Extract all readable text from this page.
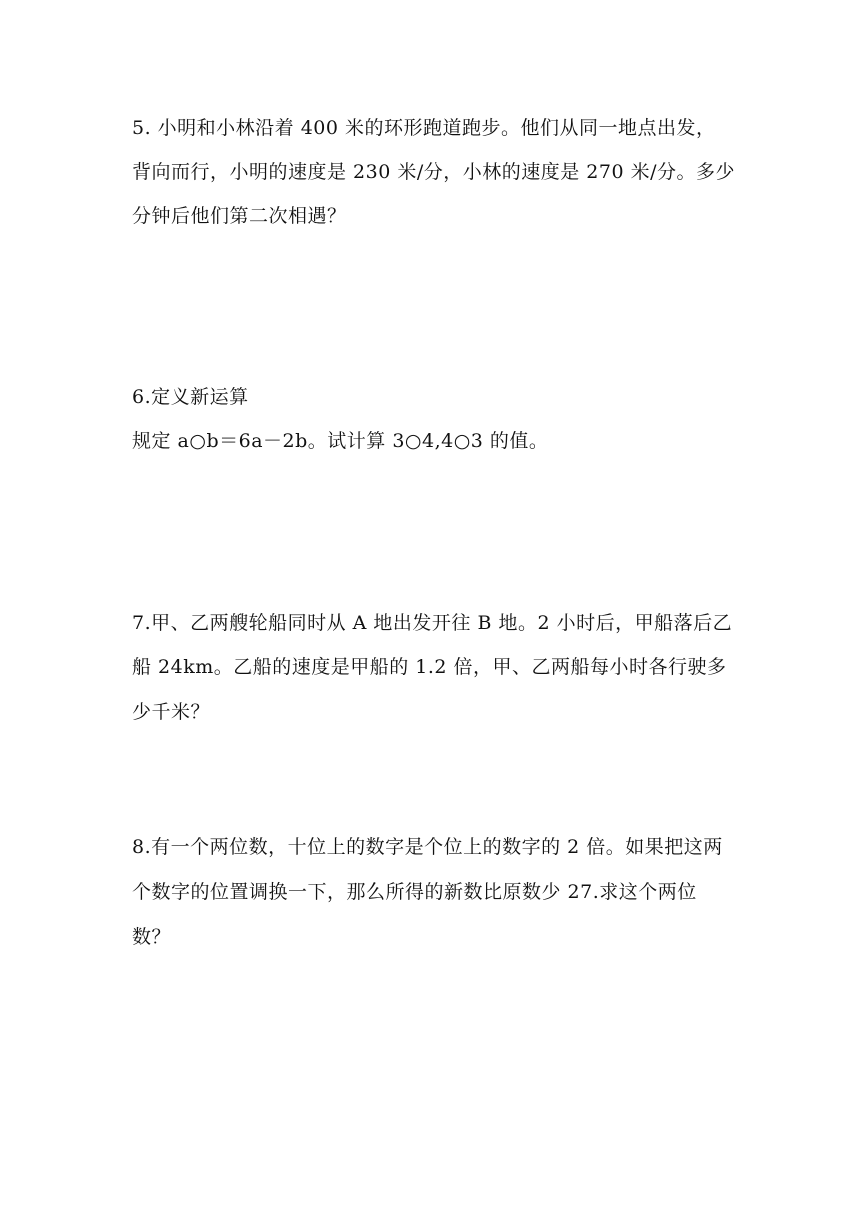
5. 小明和小林沿着 400 米的环形跑道跑步。他们从同一地点出发，
背向而行，小明的速度是 230 米/分，小林的速度是 270 米/分。多少
分钟后他们第二次相遇？
6.定义新运算
规定 a○b＝6a－2b。试计算 3○4,4○3 的值。
7.甲、乙两艘轮船同时从 A 地出发开往 B 地。2 小时后，甲船落后乙
船 24km。乙船的速度是甲船的 1.2 倍，甲、乙两船每小时各行驶多
少千米？
8.有一个两位数，十位上的数字是个位上的数字的 2 倍。如果把这两
个数字的位置调换一下，那么所得的新数比原数少 27.求这个两位
数？
